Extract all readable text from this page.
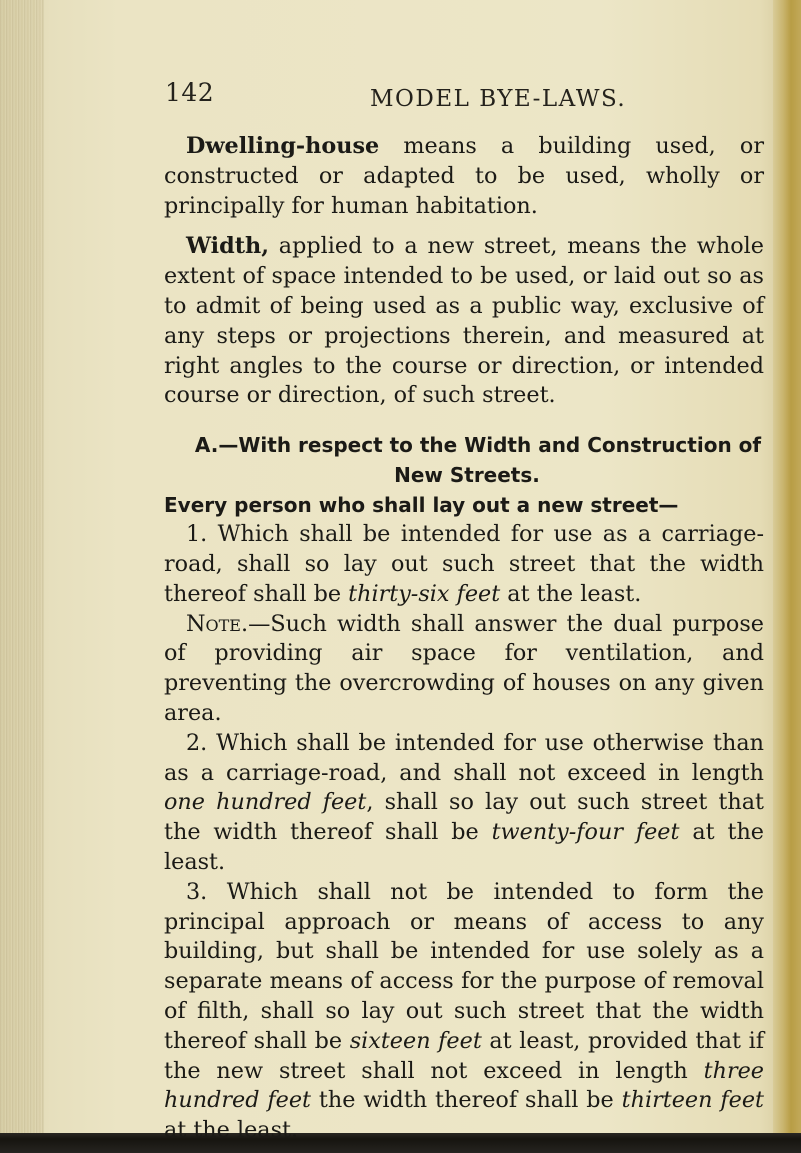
142	MODEL BYE-LAWS.

Dwelling-house means a building used, or constructed or adapted to be used, wholly or principally for human habitation.

Width, applied to a new street, means the whole extent of space intended to be used, or laid out so as to admit of being used as a public way, exclusive of any steps or projections therein, and measured at right angles to the course or direction, or intended course or direction, of such street.

A.—With respect to the Width and Construction of
New Streets.

Every person who shall lay out a new street—

1. Which shall be intended for use as a carriage-road, shall so lay out such street that the width thereof shall be thirty-six feet at the least.

Note.—Such width shall answer the dual purpose of providing air space for ventilation, and preventing the overcrowding of houses on any given area.

2. Which shall be intended for use otherwise than as a carriage-road, and shall not exceed in length one hundred feet, shall so lay out such street that the width thereof shall be twenty-four feet at the least.

3. Which shall not be intended to form the principal approach or means of access to any building, but shall be intended for use solely as a separate means of access for the purpose of removal of filth, shall so lay out such street that the width thereof shall be sixteen feet at least, provided that if the new street shall not exceed in length three hundred feet the width thereof shall be thirteen feet at the least.
